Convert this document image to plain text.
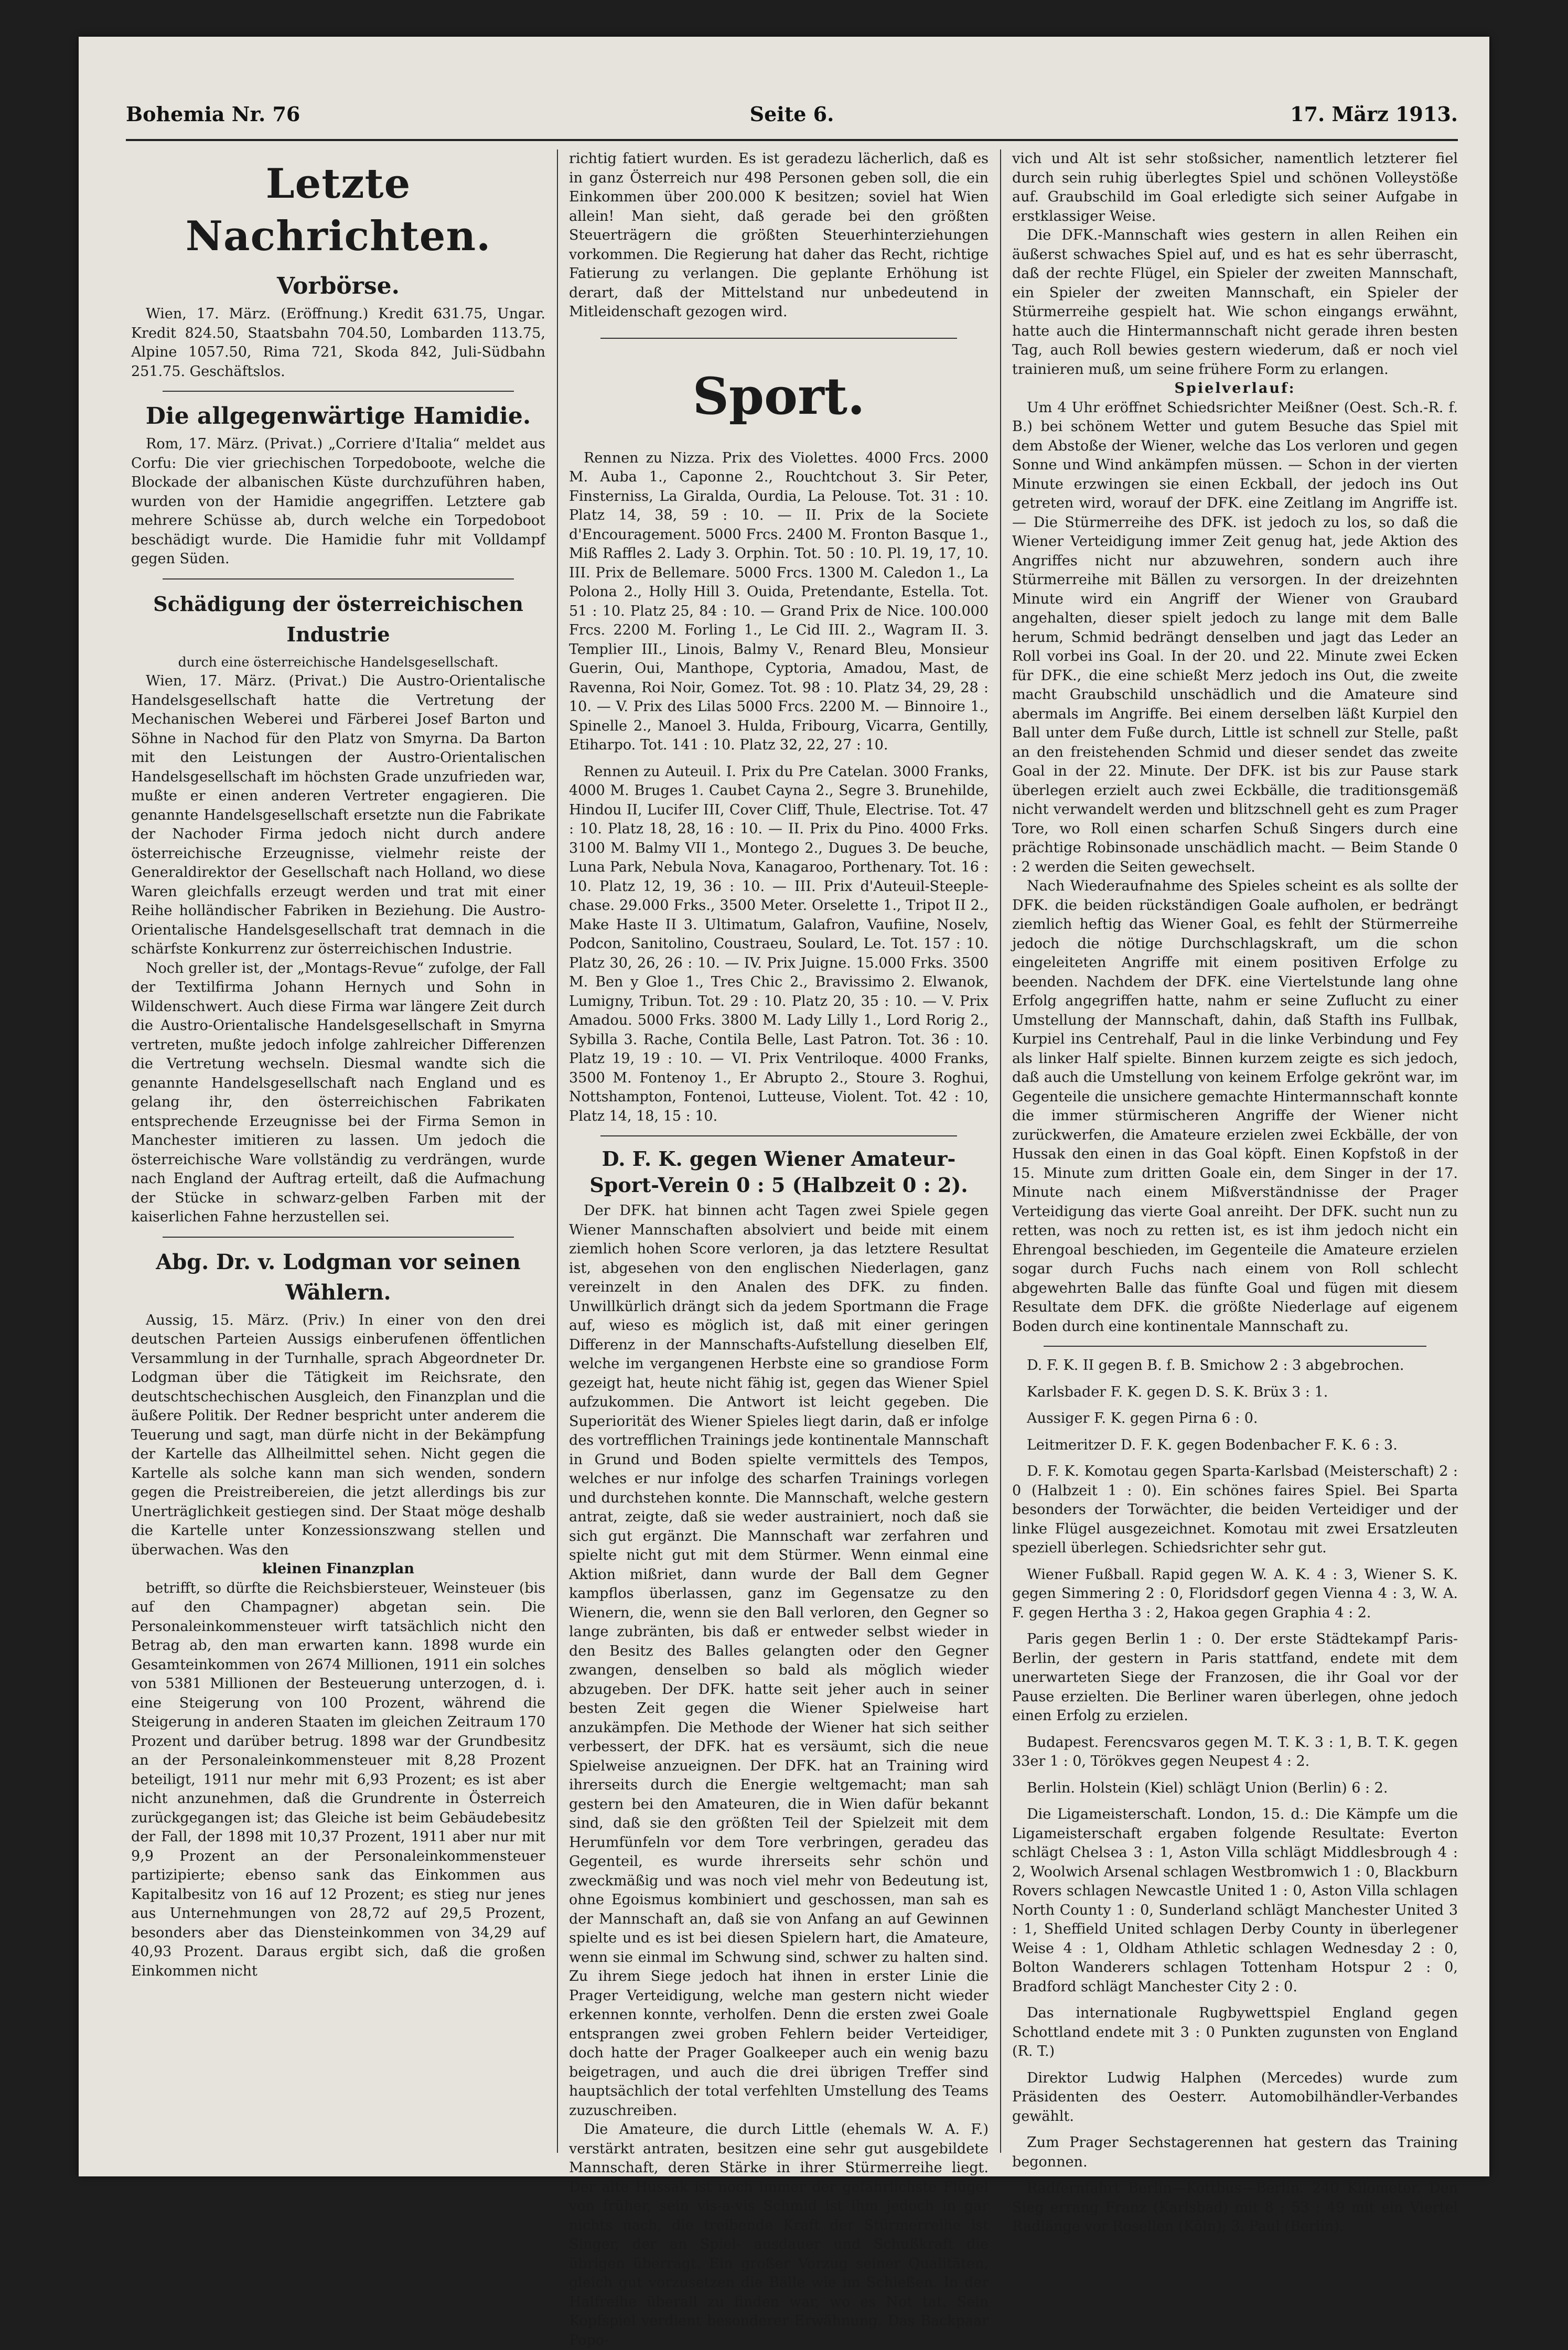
Bohemia Nr. 76	Seite 6.	17. März 1913.
Letzte Nachrichten.
Vorbörse.

Wien, 17. März. (Eröffnung.) Kredit 631.75, Ungar. Kredit 824.50, Staatsbahn 704.50, Lombarden 113.75, Alpine 1057.50, Rima 721, Skoda 842, Juli-Südbahn 251.75. Geschäftslos.

Die allgegenwärtige Hamidie.

Rom, 17. März. (Privat.) „Corriere d'Italia“ meldet aus Corfu: Die vier griechischen Torpedoboote, welche die Blockade der albanischen Küste durchzuführen haben, wurden von der Hamidie angegriffen. Letztere gab mehrere Schüsse ab, durch welche ein Torpedoboot beschädigt wurde. Die Hamidie fuhr mit Volldampf gegen Süden.

Schädigung der österreichischen Industrie

durch eine österreichische Handelsgesellschaft.

Wien, 17. März. (Privat.) Die Austro-Orientalische Handelsgesellschaft hatte die Vertretung der Mechanischen Weberei und Färberei Josef Barton und Söhne in Nachod für den Platz von Smyrna. Da Barton mit den Leistungen der Austro-Orientalischen Handelsgesellschaft im höchsten Grade unzufrieden war, mußte er einen anderen Vertreter engagieren. Die genannte Handelsgesellschaft ersetzte nun die Fabrikate der Nachoder Firma jedoch nicht durch andere österreichische Erzeugnisse, vielmehr reiste der Generaldirektor der Gesellschaft nach Holland, wo diese Waren gleichfalls erzeugt werden und trat mit einer Reihe holländischer Fabriken in Beziehung. Die Austro-Orientalische Handelsgesellschaft trat demnach in die schärfste Konkurrenz zur österreichischen Industrie.

Noch greller ist, der „Montags-Revue“ zufolge, der Fall der Textilfirma Johann Hernych und Sohn in Wildenschwert. Auch diese Firma war längere Zeit durch die Austro-Orientalische Handelsgesellschaft in Smyrna vertreten, mußte jedoch infolge zahlreicher Differenzen die Vertretung wechseln. Diesmal wandte sich die genannte Handelsgesellschaft nach England und es gelang ihr, den österreichischen Fabrikaten entsprechende Erzeugnisse bei der Firma Semon in Manchester imitieren zu lassen. Um jedoch die österreichische Ware vollständig zu verdrängen, wurde nach England der Auftrag erteilt, daß die Aufmachung der Stücke in schwarz-gelben Farben mit der kaiserlichen Fahne herzustellen sei.

Abg. Dr. v. Lodgman vor seinen Wählern.

Aussig, 15. März. (Priv.) In einer von den drei deutschen Parteien Aussigs einberufenen öffentlichen Versammlung in der Turnhalle, sprach Abgeordneter Dr. Lodgman über die Tätigkeit im Reichsrate, den deutschtschechischen Ausgleich, den Finanzplan und die äußere Politik. Der Redner bespricht unter anderem die Teuerung und sagt, man dürfe nicht in der Bekämpfung der Kartelle das Allheilmittel sehen. Nicht gegen die Kartelle als solche kann man sich wenden, sondern gegen die Preistreibereien, die jetzt allerdings bis zur Unerträglichkeit gestiegen sind. Der Staat möge deshalb die Kartelle unter Konzessionszwang stellen und überwachen. Was den

kleinen Finanzplan

betrifft, so dürfte die Reichsbiersteuer, Weinsteuer (bis auf den Champagner) abgetan sein. Die Personaleinkommensteuer wirft tatsächlich nicht den Betrag ab, den man erwarten kann. 1898 wurde ein Gesamteinkommen von 2674 Millionen, 1911 ein solches von 5381 Millionen der Besteuerung unterzogen, d. i. eine Steigerung von 100 Prozent, während die Steigerung in anderen Staaten im gleichen Zeitraum 170 Prozent und darüber betrug. 1898 war der Grundbesitz an der Personaleinkommensteuer mit 8,28 Prozent beteiligt, 1911 nur mehr mit 6,93 Prozent; es ist aber nicht anzunehmen, daß die Grundrente in Österreich zurückgegangen ist; das Gleiche ist beim Gebäudebesitz der Fall, der 1898 mit 10,37 Prozent, 1911 aber nur mit 9,9 Prozent an der Personaleinkommensteuer partizipierte; ebenso sank das Einkommen aus Kapitalbesitz von 16 auf 12 Prozent; es stieg nur jenes aus Unternehmungen von 28,72 auf 29,5 Prozent, besonders aber das Diensteinkommen von 34,29 auf 40,93 Prozent. Daraus ergibt sich, daß die großen Einkommen nicht

richtig fatiert wurden. Es ist geradezu lächerlich, daß es in ganz Österreich nur 498 Personen geben soll, die ein Einkommen über 200.000 K besitzen; soviel hat Wien allein! Man sieht, daß gerade bei den größten Steuerträgern die größten Steuerhinterziehungen vorkommen. Die Regierung hat daher das Recht, richtige Fatierung zu verlangen. Die geplante Erhöhung ist derart, daß der Mittelstand nur unbedeutend in Mitleidenschaft gezogen wird.

Sport.

Rennen zu Nizza. Prix des Violettes. 4000 Frcs. 2000 M. Auba 1., Caponne 2., Rouchtchout 3. Sir Peter, Finsterniss, La Giralda, Ourdia, La Pelouse. Tot. 31 : 10. Platz 14, 38, 59 : 10. — II. Prix de la Societe d'Encouragement. 5000 Frcs. 2400 M. Fronton Basque 1., Miß Raffles 2. Lady 3. Orphin. Tot. 50 : 10. Pl. 19, 17, 10. III. Prix de Bellemare. 5000 Frcs. 1300 M. Caledon 1., La Polona 2., Holly Hill 3. Ouida, Pretendante, Estella. Tot. 51 : 10. Platz 25, 84 : 10. — Grand Prix de Nice. 100.000 Frcs. 2200 M. Forling 1., Le Cid III. 2., Wagram II. 3. Templier III., Linois, Balmy V., Renard Bleu, Monsieur Guerin, Oui, Manthope, Cyptoria, Amadou, Mast, de Ravenna, Roi Noir, Gomez. Tot. 98 : 10. Platz 34, 29, 28 : 10. — V. Prix des Lilas 5000 Frcs. 2200 M. — Binnoire 1., Spinelle 2., Manoel 3. Hulda, Fribourg, Vicarra, Gentilly, Etiharpo. Tot. 141 : 10. Platz 32, 22, 27 : 10.

Rennen zu Auteuil. I. Prix du Pre Catelan. 3000 Franks, 4000 M. Bruges 1. Caubet Cayna 2., Segre 3. Brunehilde, Hindou II, Lucifer III, Cover Cliff, Thule, Electrise. Tot. 47 : 10. Platz 18, 28, 16 : 10. — II. Prix du Pino. 4000 Frks. 3100 M. Balmy VII 1., Montego 2., Dugues 3. De beuche, Luna Park, Nebula Nova, Kanagaroo, Porthenary. Tot. 16 : 10. Platz 12, 19, 36 : 10. — III. Prix d'Auteuil-Steeple-chase. 29.000 Frks., 3500 Meter. Orselette 1., Tripot II 2., Make Haste II 3. Ultimatum, Galafron, Vaufiine, Noselv, Podcon, Sanitolino, Coustraeu, Soulard, Le. Tot. 157 : 10. Platz 30, 26, 26 : 10. — IV. Prix Juigne. 15.000 Frks. 3500 M. Ben y Gloe 1., Tres Chic 2., Bravissimo 2. Elwanok, Lumigny, Tribun. Tot. 29 : 10. Platz 20, 35 : 10. — V. Prix Amadou. 5000 Frks. 3800 M. Lady Lilly 1., Lord Rorig 2., Sybilla 3. Rache, Contila Belle, Last Patron. Tot. 36 : 10. Platz 19, 19 : 10. — VI. Prix Ventriloque. 4000 Franks, 3500 M. Fontenoy 1., Er Abrupto 2., Stoure 3. Roghui, Nottshampton, Fontenoi, Lutteuse, Violent. Tot. 42 : 10, Platz 14, 18, 15 : 10.

D. F. K. gegen Wiener Amateur-Sport-Verein 0 : 5 (Halbzeit 0 : 2).

Der DFK. hat binnen acht Tagen zwei Spiele gegen Wiener Mannschaften absolviert und beide mit einem ziemlich hohen Score verloren, ja das letztere Resultat ist, abgesehen von den englischen Niederlagen, ganz vereinzelt in den Analen des DFK. zu finden. Unwillkürlich drängt sich da jedem Sportmann die Frage auf, wieso es möglich ist, daß mit einer geringen Differenz in der Mannschafts-Aufstellung dieselben Elf, welche im vergangenen Herbste eine so grandiose Form gezeigt hat, heute nicht fähig ist, gegen das Wiener Spiel aufzukommen. Die Antwort ist leicht gegeben. Die Superiorität des Wiener Spieles liegt darin, daß er infolge des vortrefflichen Trainings jede kontinentale Mannschaft in Grund und Boden spielte vermittels des Tempos, welches er nur infolge des scharfen Trainings vorlegen und durchstehen konnte. Die Mannschaft, welche gestern antrat, zeigte, daß sie weder austrainiert, noch daß sie sich gut ergänzt. Die Mannschaft war zerfahren und spielte nicht gut mit dem Stürmer. Wenn einmal eine Aktion mißriet, dann wurde der Ball dem Gegner kampflos überlassen, ganz im Gegensatze zu den Wienern, die, wenn sie den Ball verloren, den Gegner so lange zubränten, bis daß er entweder selbst wieder in den Besitz des Balles gelangten oder den Gegner zwangen, denselben so bald als möglich wieder abzugeben. Der DFK. hatte seit jeher auch in seiner besten Zeit gegen die Wiener Spielweise hart anzukämpfen. Die Methode der Wiener hat sich seither verbessert, der DFK. hat es versäumt, sich die neue Spielweise anzueignen. Der DFK. hat an Training wird ihrerseits durch die Energie weltgemacht; man sah gestern bei den Amateuren, die in Wien dafür bekannt sind, daß sie den größten Teil der Spielzeit mit dem Herumfünfeln vor dem Tore verbringen, geradeu das Gegenteil, es wurde ihrerseits sehr schön und zweckmäßig und was noch viel mehr von Bedeutung ist, ohne Egoismus kombiniert und geschossen, man sah es der Mannschaft an, daß sie von Anfang an auf Gewinnen spielte und es ist bei diesen Spielern hart, die Amateure, wenn sie einmal im Schwung sind, schwer zu halten sind. Zu ihrem Siege jedoch hat ihnen in erster Linie die Prager Verteidigung, welche man gestern nicht wieder erkennen konnte, verholfen. Denn die ersten zwei Goale entsprangen zwei groben Fehlern beider Verteidiger, doch hatte der Prager Goalkeeper auch ein wenig bazu beigetragen, und auch die drei übrigen Treffer sind hauptsächlich der total verfehlten Umstellung des Teams zuzuschreiben.

Die Amateure, die durch Little (ehemals W. A. F.) verstärkt antraten, besitzen eine sehr gut ausgebildete Mannschaft, deren Stärke in ihrer Stürmerreihe liegt. Der alte Hussak ist noch immer der gefährlichste Flügel von früher, sein vis-a-vis Schmid ist ihm jedoch in gar nichts nach, die treibende Kraft der Stürmerreihe ist Singer, der an Spiel- ausdauer und Schußkraft die übrigen überragt. Ein großer Vorzug seiner Qualitäten, gleich gut vorzusetzen die Bälle wie im Schießen. In der Halfreihe überall zu finden war, wo es Not tat. Sein Kopfspiel verdient besonderer Erwähnung. Das Backpaar Popo-

vich und Alt ist sehr stoßsicher, namentlich letzterer fiel durch sein ruhig überlegtes Spiel und schönen Volleystöße auf. Graubschild im Goal erledigte sich seiner Aufgabe in erstklassiger Weise.

Die DFK.-Mannschaft wies gestern in allen Reihen ein äußerst schwaches Spiel auf, und es hat es sehr überrascht, daß der rechte Flügel, ein Spieler der zweiten Mannschaft, ein Spieler der zweiten Mannschaft, ein Spieler der Stürmerreihe gespielt hat. Wie schon eingangs erwähnt, hatte auch die Hintermannschaft nicht gerade ihren besten Tag, auch Roll bewies gestern wiederum, daß er noch viel trainieren muß, um seine frühere Form zu erlangen.

Spielverlauf:

Um 4 Uhr eröffnet Schiedsrichter Meißner (Oest. Sch.-R. f. B.) bei schönem Wetter und gutem Besuche das Spiel mit dem Abstoße der Wiener, welche das Los verloren und gegen Sonne und Wind ankämpfen müssen. — Schon in der vierten Minute erzwingen sie einen Eckball, der jedoch ins Out getreten wird, worauf der DFK. eine Zeitlang im Angriffe ist. — Die Stürmerreihe des DFK. ist jedoch zu los, so daß die Wiener Verteidigung immer Zeit genug hat, jede Aktion des Angriffes nicht nur abzuwehren, sondern auch ihre Stürmerreihe mit Bällen zu versorgen. In der dreizehnten Minute wird ein Angriff der Wiener von Graubard angehalten, dieser spielt jedoch zu lange mit dem Balle herum, Schmid bedrängt denselben und jagt das Leder an Roll vorbei ins Goal. In der 20. und 22. Minute zwei Ecken für DFK., die eine schießt Merz jedoch ins Out, die zweite macht Graubschild unschädlich und die Amateure sind abermals im Angriffe. Bei einem derselben läßt Kurpiel den Ball unter dem Fuße durch, Little ist schnell zur Stelle, paßt an den freistehenden Schmid und dieser sendet das zweite Goal in der 22. Minute. Der DFK. ist bis zur Pause stark überlegen erzielt auch zwei Eckbälle, die traditionsgemäß nicht verwandelt werden und blitzschnell geht es zum Prager Tore, wo Roll einen scharfen Schuß Singers durch eine prächtige Robinsonade unschädlich macht. — Beim Stande 0 : 2 werden die Seiten gewechselt.

Nach Wiederaufnahme des Spieles scheint es als sollte der DFK. die beiden rückständigen Goale aufholen, er bedrängt ziemlich heftig das Wiener Goal, es fehlt der Stürmerreihe jedoch die nötige Durchschlagskraft, um die schon eingeleiteten Angriffe mit einem positiven Erfolge zu beenden. Nachdem der DFK. eine Viertelstunde lang ohne Erfolg angegriffen hatte, nahm er seine Zuflucht zu einer Umstellung der Mannschaft, dahin, daß Stafth ins Fullbak, Kurpiel ins Centrehalf, Paul in die linke Verbindung und Fey als linker Half spielte. Binnen kurzem zeigte es sich jedoch, daß auch die Umstellung von keinem Erfolge gekrönt war, im Gegenteile die unsichere gemachte Hintermannschaft konnte die immer stürmischeren Angriffe der Wiener nicht zurückwerfen, die Amateure erzielen zwei Eckbälle, der von Hussak den einen in das Goal köpft. Einen Kopfstoß in der 15. Minute zum dritten Goale ein, dem Singer in der 17. Minute nach einem Mißverständnisse der Prager Verteidigung das vierte Goal anreiht. Der DFK. sucht nun zu retten, was noch zu retten ist, es ist ihm jedoch nicht ein Ehrengoal beschieden, im Gegenteile die Amateure erzielen sogar durch Fuchs nach einem von Roll schlecht abgewehrten Balle das fünfte Goal und fügen mit diesem Resultate dem DFK. die größte Niederlage auf eigenem Boden durch eine kontinentale Mannschaft zu.

D. F. K. II gegen B. f. B. Smichow 2 : 3 abgebrochen.

Karlsbader F. K. gegen D. S. K. Brüx 3 : 1.

Aussiger F. K. gegen Pirna 6 : 0.

Leitmeritzer D. F. K. gegen Bodenbacher F. K. 6 : 3.

D. F. K. Komotau gegen Sparta-Karlsbad (Meisterschaft) 2 : 0 (Halbzeit 1 : 0). Ein schönes faires Spiel. Bei Sparta besonders der Torwächter, die beiden Verteidiger und der linke Flügel ausgezeichnet. Komotau mit zwei Ersatzleuten speziell überlegen. Schiedsrichter sehr gut.

Wiener Fußball. Rapid gegen W. A. K. 4 : 3, Wiener S. K. gegen Simmering 2 : 0, Floridsdorf gegen Vienna 4 : 3, W. A. F. gegen Hertha 3 : 2, Hakoa gegen Graphia 4 : 2.

Paris gegen Berlin 1 : 0. Der erste Städtekampf Paris-Berlin, der gestern in Paris stattfand, endete mit dem unerwarteten Siege der Franzosen, die ihr Goal vor der Pause erzielten. Die Berliner waren überlegen, ohne jedoch einen Erfolg zu erzielen.

Budapest. Ferencsvaros gegen M. T. K. 3 : 1, B. T. K. gegen 33er 1 : 0, Törökves gegen Neupest 4 : 2.

Berlin. Holstein (Kiel) schlägt Union (Berlin) 6 : 2.

Die Ligameisterschaft. London, 15. d.: Die Kämpfe um die Ligameisterschaft ergaben folgende Resultate: Everton schlägt Chelsea 3 : 1, Aston Villa schlägt Middlesbrough 4 : 2, Woolwich Arsenal schlagen Westbromwich 1 : 0, Blackburn Rovers schlagen Newcastle United 1 : 0, Aston Villa schlagen North County 1 : 0, Sunderland schlägt Manchester United 3 : 1, Sheffield United schlagen Derby County in überlegener Weise 4 : 1, Oldham Athletic schlagen Wednesday 2 : 0, Bolton Wanderers schlagen Tottenham Hotspur 2 : 0, Bradford schlägt Manchester City 2 : 0.

Das internationale Rugbywettspiel England gegen Schottland endete mit 3 : 0 Punkten zugunsten von England (R. T.)

Direktor Ludwig Halphen (Mercedes) wurde zum Präsidenten des Oesterr. Automobilhändler-Verbandes gewählt.

Zum Prager Sechstagerennen hat gestern das Training begonnen.

Radfernfahrt Berlin—Kottbus—Berlin. 240 Kilometer. Den Sieg errang Franz (Karlsbad) mit 8 : 53 : 49 mit ein Viertel Radlänge vor Rosellen (Köln); 3. Paul (Berlin).
